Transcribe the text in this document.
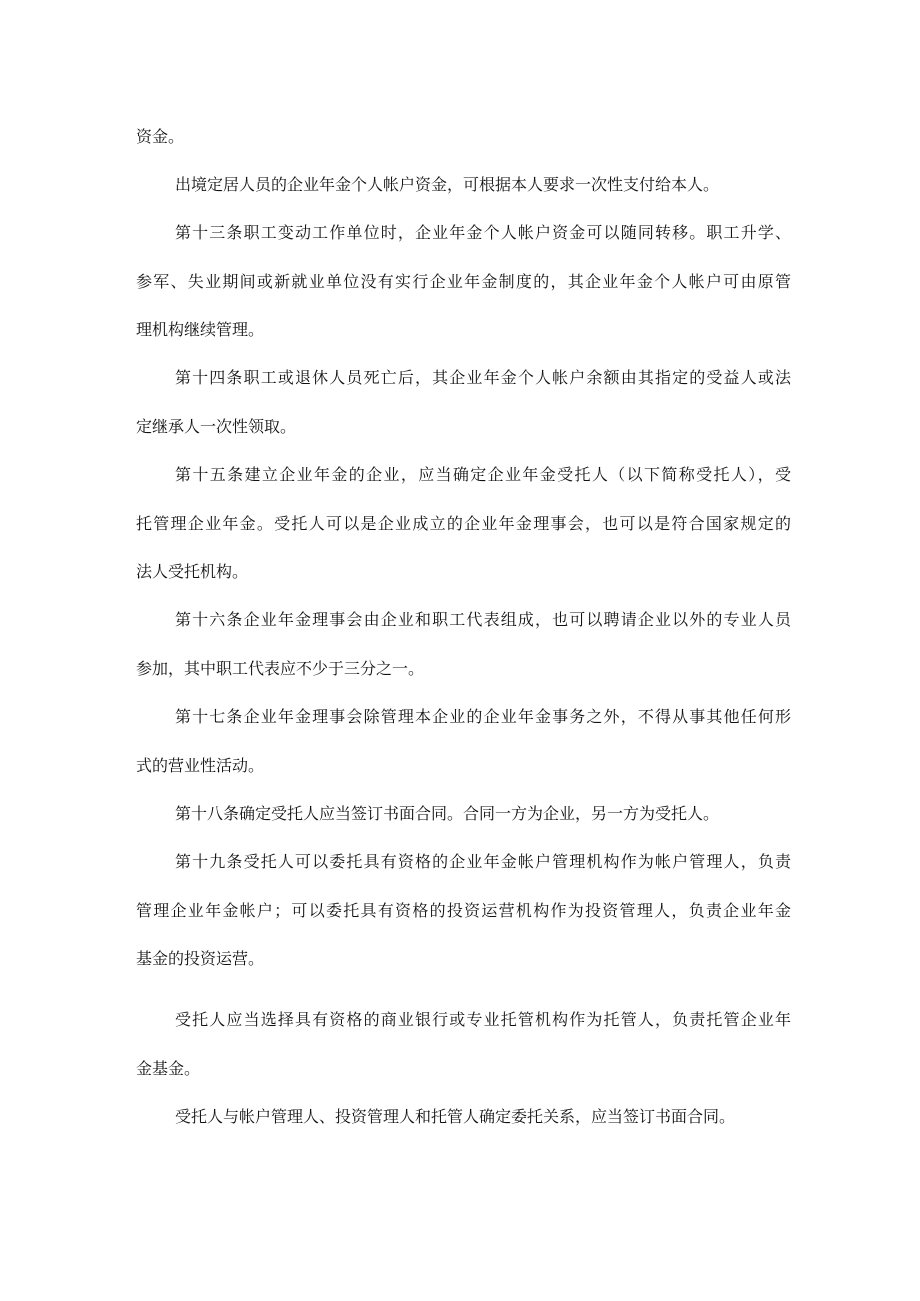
资金。

出境定居人员的企业年金个人帐户资金，可根据本人要求一次性支付给本人。

第十三条职工变动工作单位时，企业年金个人帐户资金可以随同转移。职工升学、
参军、失业期间或新就业单位没有实行企业年金制度的，其企业年金个人帐户可由原管
理机构继续管理。

第十四条职工或退休人员死亡后，其企业年金个人帐户余额由其指定的受益人或法
定继承人一次性领取。

第十五条建立企业年金的企业，应当确定企业年金受托人（以下简称受托人），受
托管理企业年金。受托人可以是企业成立的企业年金理事会，也可以是符合国家规定的
法人受托机构。

第十六条企业年金理事会由企业和职工代表组成，也可以聘请企业以外的专业人员
参加，其中职工代表应不少于三分之一。

第十七条企业年金理事会除管理本企业的企业年金事务之外，不得从事其他任何形
式的营业性活动。

第十八条确定受托人应当签订书面合同。合同一方为企业，另一方为受托人。

第十九条受托人可以委托具有资格的企业年金帐户管理机构作为帐户管理人，负责
管理企业年金帐户；可以委托具有资格的投资运营机构作为投资管理人，负责企业年金
基金的投资运营。

受托人应当选择具有资格的商业银行或专业托管机构作为托管人，负责托管企业年
金基金。

受托人与帐户管理人、投资管理人和托管人确定委托关系，应当签订书面合同。
